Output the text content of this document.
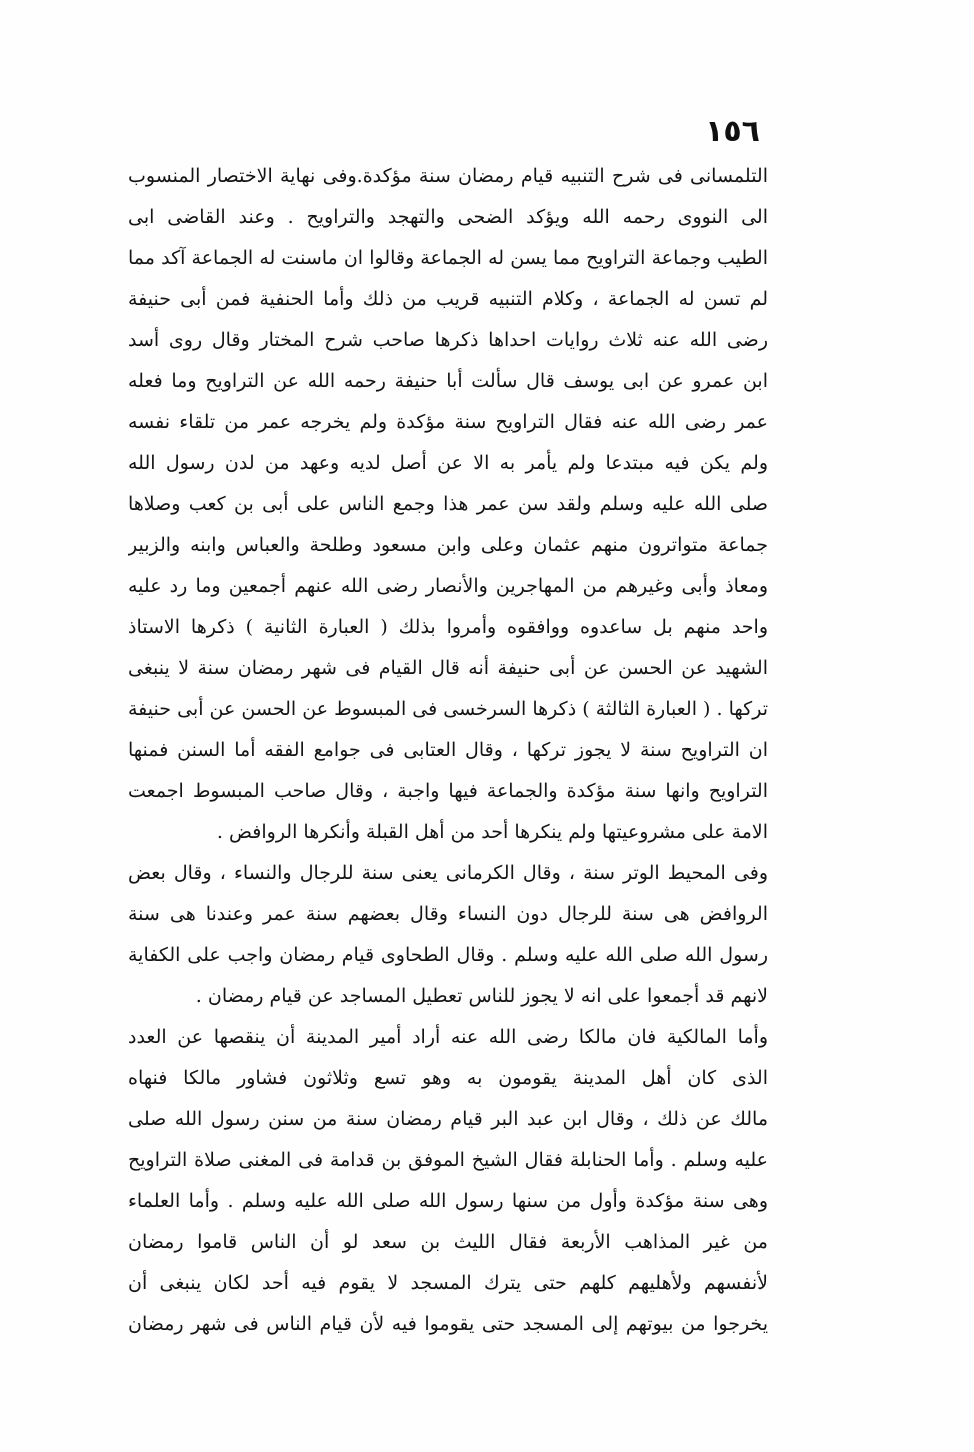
١٥٦
التلمسانى فى شرح التنبيه قيام رمضان سنة مؤكدة.وفى نهاية الاختصار المنسوب
الى النووى رحمه الله ويؤكد الضحى والتهجد والتراويح . وعند القاضى ابى
الطيب وجماعة التراويح مما يسن له الجماعة وقالوا ان ماسنت له الجماعة آكد مما
لم تسن له الجماعة ، وكلام التنبيه قريب من ذلك وأما الحنفية فمن أبى حنيفة
رضى الله عنه ثلاث روايات احداها ذكرها صاحب شرح المختار وقال روى أسد
ابن عمرو عن ابى يوسف قال سألت أبا حنيفة رحمه الله عن التراويح وما فعله
عمر رضى الله عنه فقال التراويح سنة مؤكدة ولم يخرجه عمر من تلقاء نفسه
ولم يكن فيه مبتدعا ولم يأمر به الا عن أصل لديه وعهد من لدن رسول الله
صلى الله عليه وسلم ولقد سن عمر هذا وجمع الناس على أبى بن كعب وصلاها
جماعة متواترون منهم عثمان وعلى وابن مسعود وطلحة والعباس وابنه والزبير
ومعاذ وأبى وغيرهم من المهاجرين والأنصار رضى الله عنهم أجمعين وما رد عليه
واحد منهم بل ساعدوه ووافقوه وأمروا بذلك ( العبارة الثانية ) ذكرها الاستاذ
الشهيد عن الحسن عن أبى حنيفة أنه قال القيام فى شهر رمضان سنة لا ينبغى
تركها . ( العبارة الثالثة ) ذكرها السرخسى فى المبسوط عن الحسن عن أبى حنيفة
ان التراويح سنة لا يجوز تركها ، وقال العتابى فى جوامع الفقه أما السنن فمنها
التراويح وانها سنة مؤكدة والجماعة فيها واجبة ، وقال صاحب المبسوط اجمعت
الامة على مشروعيتها ولم ينكرها أحد من أهل القبلة وأنكرها الروافض .
وفى المحيط الوتر سنة ، وقال الكرمانى يعنى سنة للرجال والنساء ، وقال بعض
الروافض هى سنة للرجال دون النساء وقال بعضهم سنة عمر وعندنا هى سنة
رسول الله صلى الله عليه وسلم . وقال الطحاوى قيام رمضان واجب على الكفاية
لانهم قد أجمعوا على انه لا يجوز للناس تعطيل المساجد عن قيام رمضان .
وأما المالكية فان مالكا رضى الله عنه أراد أمير المدينة أن ينقصها عن العدد
الذى كان أهل المدينة يقومون به وهو تسع وثلاثون فشاور مالكا فنهاه
مالك عن ذلك ، وقال ابن عبد البر قيام رمضان سنة من سنن رسول الله صلى
عليه وسلم . وأما الحنابلة فقال الشيخ الموفق بن قدامة فى المغنى صلاة التراويح
وهى سنة مؤكدة وأول من سنها رسول الله صلى الله عليه وسلم . وأما العلماء
من غير المذاهب الأربعة فقال الليث بن سعد لو أن الناس قاموا رمضان
لأنفسهم ولأهليهم كلهم حتى يترك المسجد لا يقوم فيه أحد لكان ينبغى أن
يخرجوا من بيوتهم إلى المسجد حتى يقوموا فيه لأن قيام الناس فى شهر رمضان
